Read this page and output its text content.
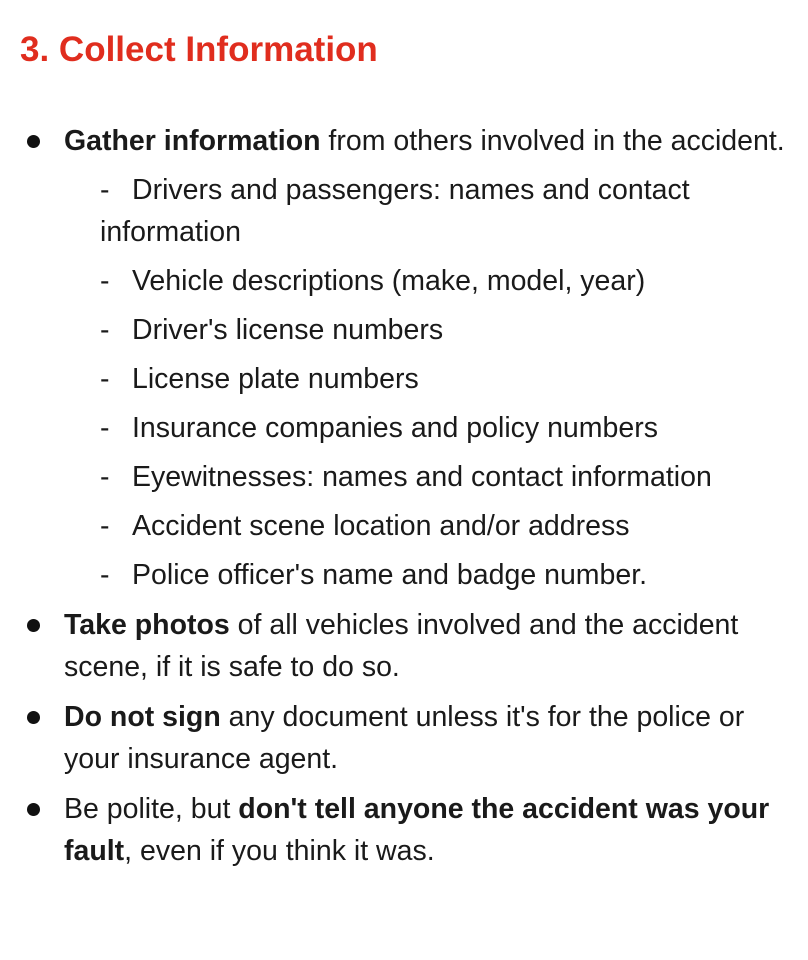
3. Collect Information
Gather information from others involved in the accident.
- Drivers and passengers: names and contact information
- Vehicle descriptions (make, model, year)
- Driver's license numbers
- License plate numbers
- Insurance companies and policy numbers
- Eyewitnesses: names and contact information
- Accident scene location and/or address
- Police officer's name and badge number.
Take photos of all vehicles involved and the accident scene, if it is safe to do so.
Do not sign any document unless it's for the police or your insurance agent.
Be polite, but don't tell anyone the accident was your fault, even if you think it was.
